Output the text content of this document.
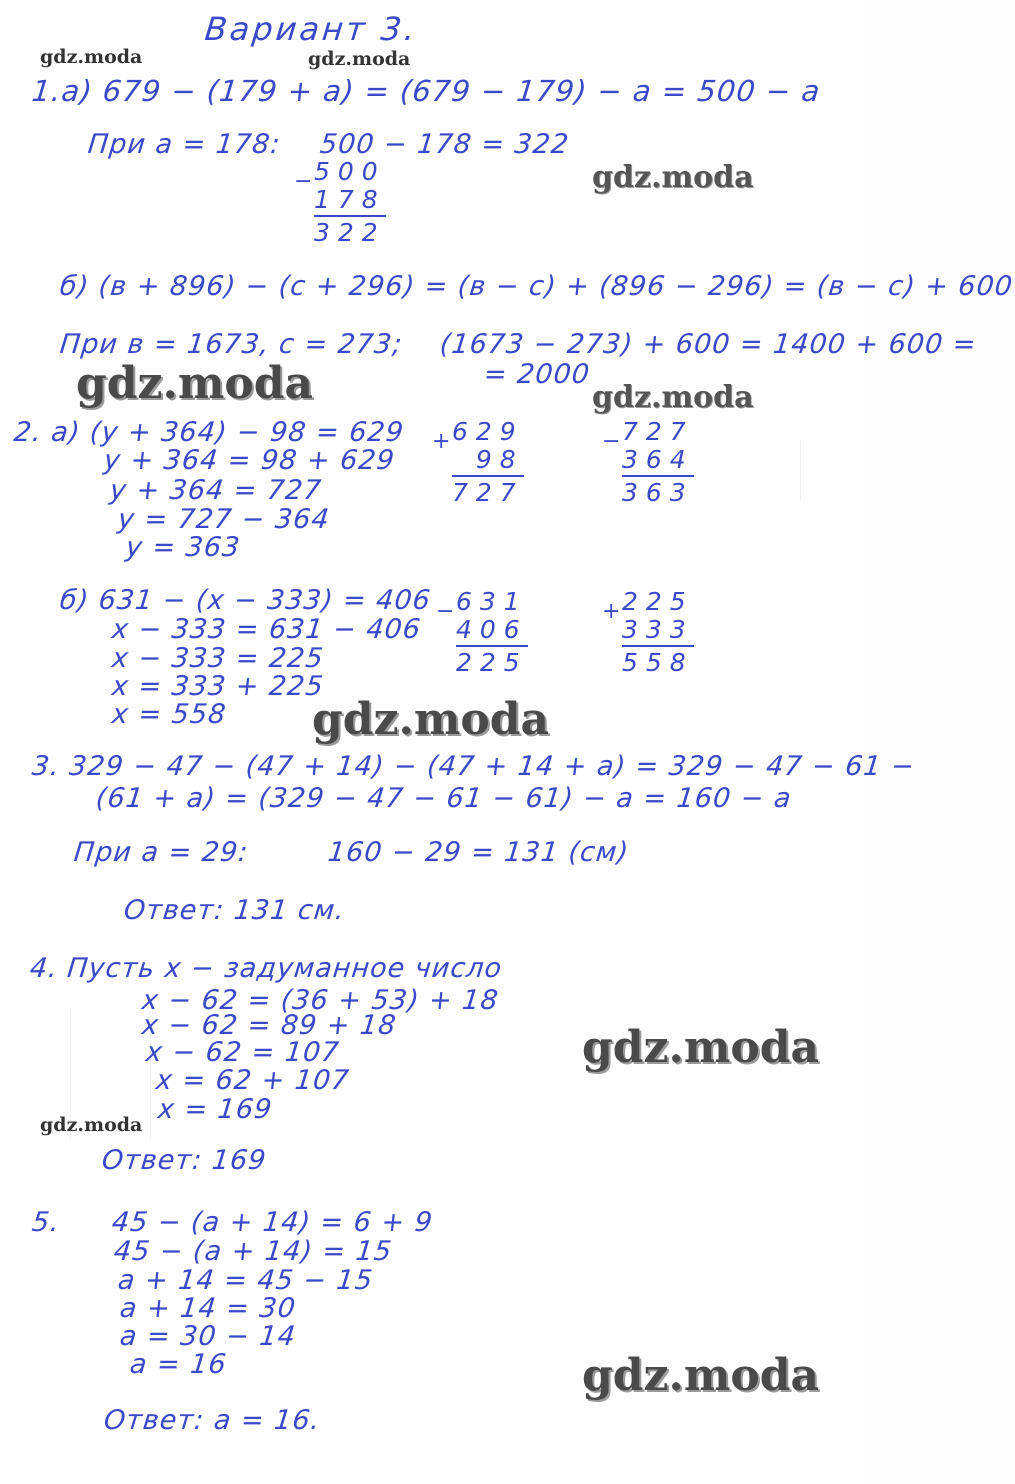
Вариант 3.
gdz.moda	gdz.moda
gdz.moda
gdz.moda	gdz.moda
gdz.moda
gdz.moda
gdz.moda
gdz.moda
1.а) 679 − (179 + а) = (679 − 179) − а = 500 − а
При а = 178: 500 − 178 = 322
− 500
178
322
б) (в + 896) − (с + 296) = (в − с) + (896 − 296) = (в − с) + 600
При в = 1673, с = 273; (1673 − 273) + 600 = 1400 + 600 =
= 2000
2. а) (у + 364) − 98 = 629
у + 364 = 98 + 629
у + 364 = 727
у = 727 − 364
у = 363
+ 629
98
727
− 727
364
363
б) 631 − (х − 333) = 406
х − 333 = 631 − 406
х − 333 = 225
х = 333 + 225
х = 558
− 631
406
225
+ 225
333
558
3. 329 − 47 − (47 + 14) − (47 + 14 + а) = 329 − 47 − 61 −
(61 + а) = (329 − 47 − 61 − 61) − а = 160 − а
При а = 29:	160 − 29 = 131 (см)
Ответ: 131 см.
4. Пусть х − задуманное число
х − 62 = (36 + 53) + 18
х − 62 = 89 + 18
х − 62 = 107
х = 62 + 107
х = 169
Ответ: 169
5. 45 − (а + 14) = 6 + 9
45 − (а + 14) = 15
а + 14 = 45 − 15
а + 14 = 30
а = 30 − 14
а = 16
Ответ: а = 16.
